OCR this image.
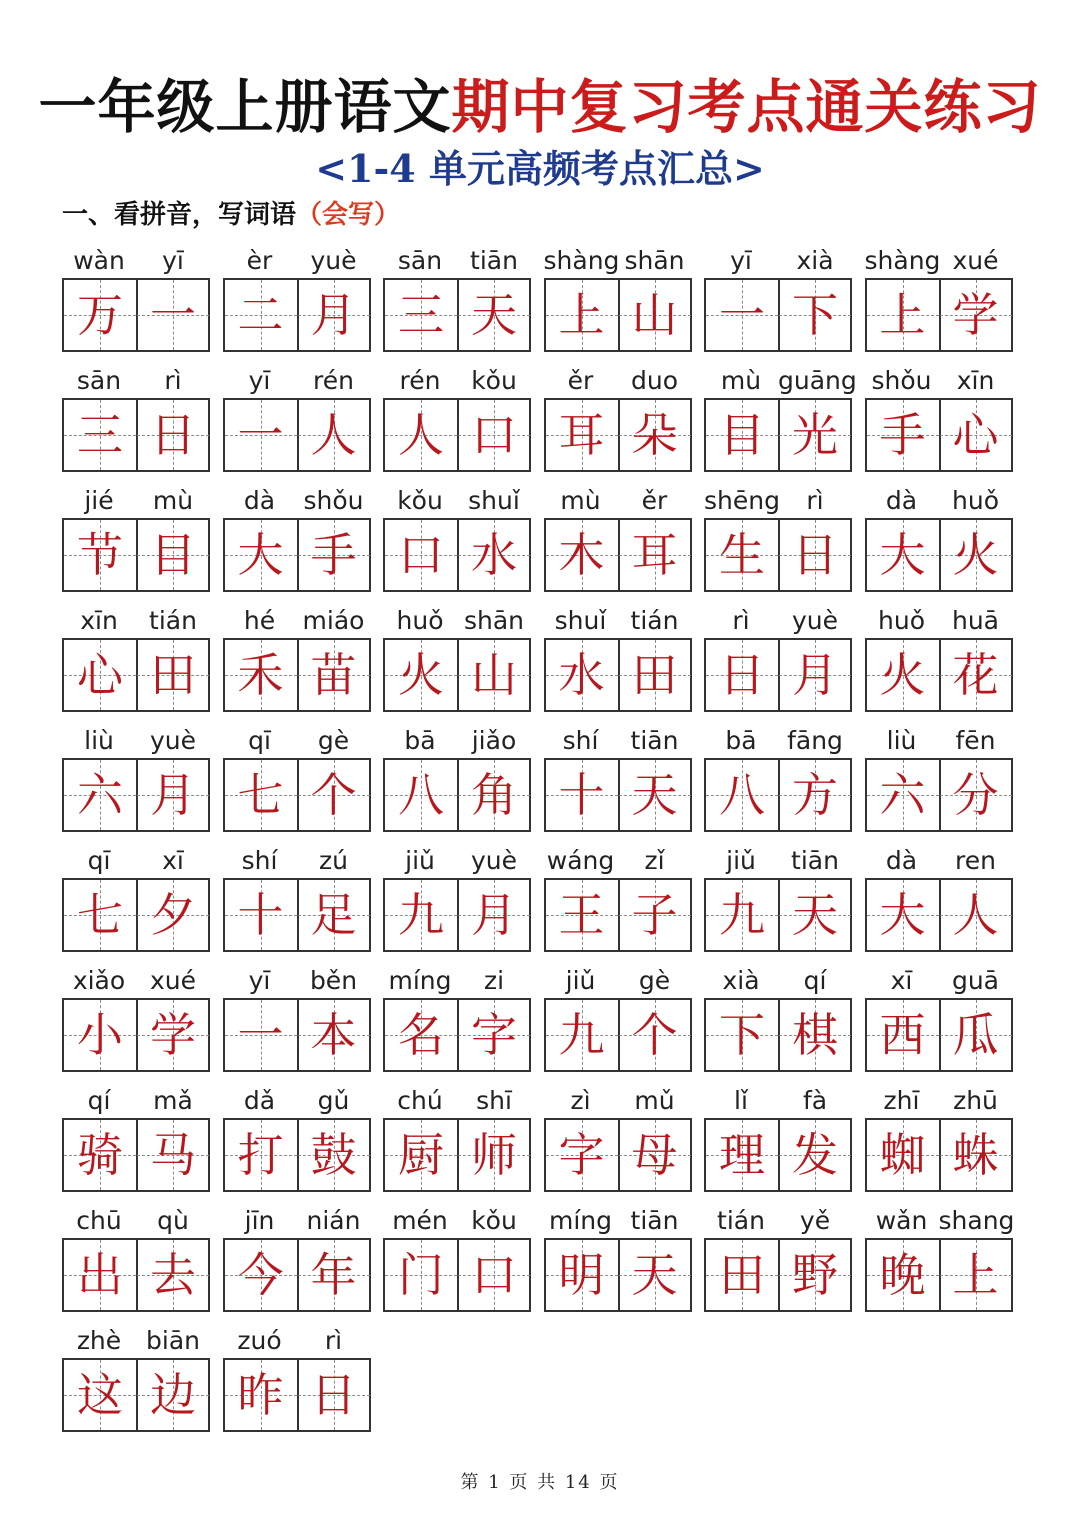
一年级上册语文期中复习考点通关练习
<1-4 单元高频考点汇总>
一、看拼音，写词语（会写）
wàn	yī
万 一
èr	yuè
二 月
sān	tiān
三 天
shàng shān
上 山
yī	xià
一 下
shàng xué
上 学
sān	rì
三 日
yī	rén
一 人
rén	kǒu
人 口
ěr	duo
耳 朵
mù guāng
目 光
shǒu	xīn
手 心
jié	mù
节 目
dà	shǒu
大 手
kǒu	shuǐ
口 水
mù	ěr
木 耳
shēng	rì
生 日
dà	huǒ
大 火
xīn	tián
心 田
hé	miáo
禾 苗
huǒ shān
火 山
shuǐ tián
水 田
rì	yuè
日 月
huǒ	huā
火 花
liù	yuè
六 月
qī	gè
七 个
bā	jiǎo
八 角
shí	tiān
十 天
bā	fāng
八 方
liù	fēn
六 分
qī	xī
七 夕
shí	zú
十 足
jiǔ	yuè
九 月
wáng	zǐ
王 子
jiǔ	tiān
九 天
dà	ren
大 人
xiǎo xué
小 学
yī	běn
一 本
míng	zi
名 字
jiǔ	gè
九 个
xià	qí
下 棋
xī	guā
西 瓜
qí	mǎ
骑 马
dǎ	gǔ
打 鼓
chú	shī
厨 师
zì	mǔ
字 母
lǐ	fà
理 发
zhī	zhū
蜘 蛛
chū	qù
出 去
jīn	nián
今 年
mén kǒu
门 口
míng tiān
明 天
tián	yě
田 野
wǎn shang
晚 上
zhè biān
这 边
zuó	rì
昨 日
第 1 页 共 14 页
